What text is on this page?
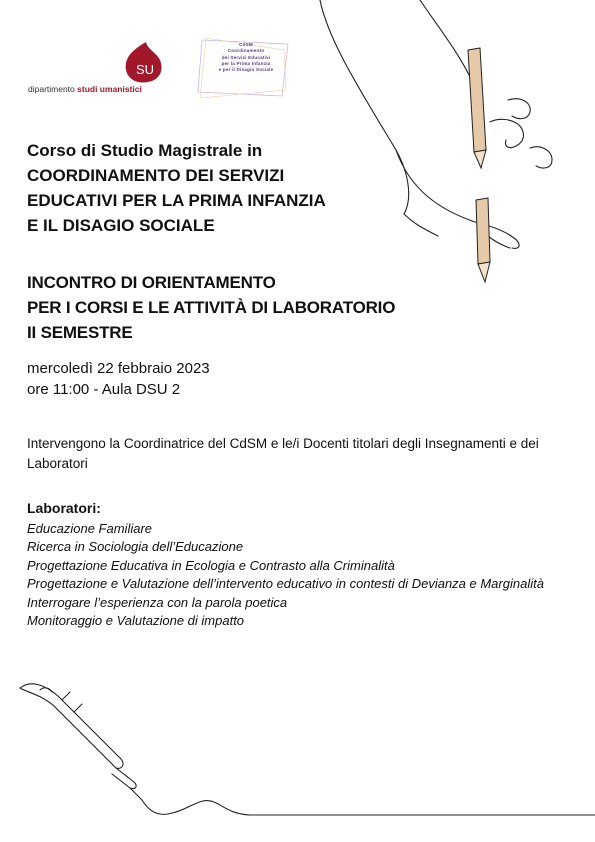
SU
dipartimento studi umanistici
CdSM
Coordinamento
dei Servizi Educativi
per la Prima Infanzia
e per il Disagio Sociale
Corso di Studio Magistrale in
COORDINAMENTO DEI SERVIZI
EDUCATIVI PER LA PRIMA INFANZIA
E IL DISAGIO SOCIALE
INCONTRO DI ORIENTAMENTO
PER I CORSI E LE ATTIVITÀ DI LABORATORIO
II SEMESTRE
mercoledì 22 febbraio 2023
ore 11:00 - Aula DSU 2
Intervengono la Coordinatrice del CdSM e le/i Docenti titolari degli Insegnamenti e dei Laboratori
Laboratori:
Educazione Familiare
Ricerca in Sociologia dell’Educazione
Progettazione Educativa in Ecologia e Contrasto alla Criminalità
Progettazione e Valutazione dell’intervento educativo in contesti di Devianza e Marginalità
Interrogare l’esperienza con la parola poetica
Monitoraggio e Valutazione di impatto
